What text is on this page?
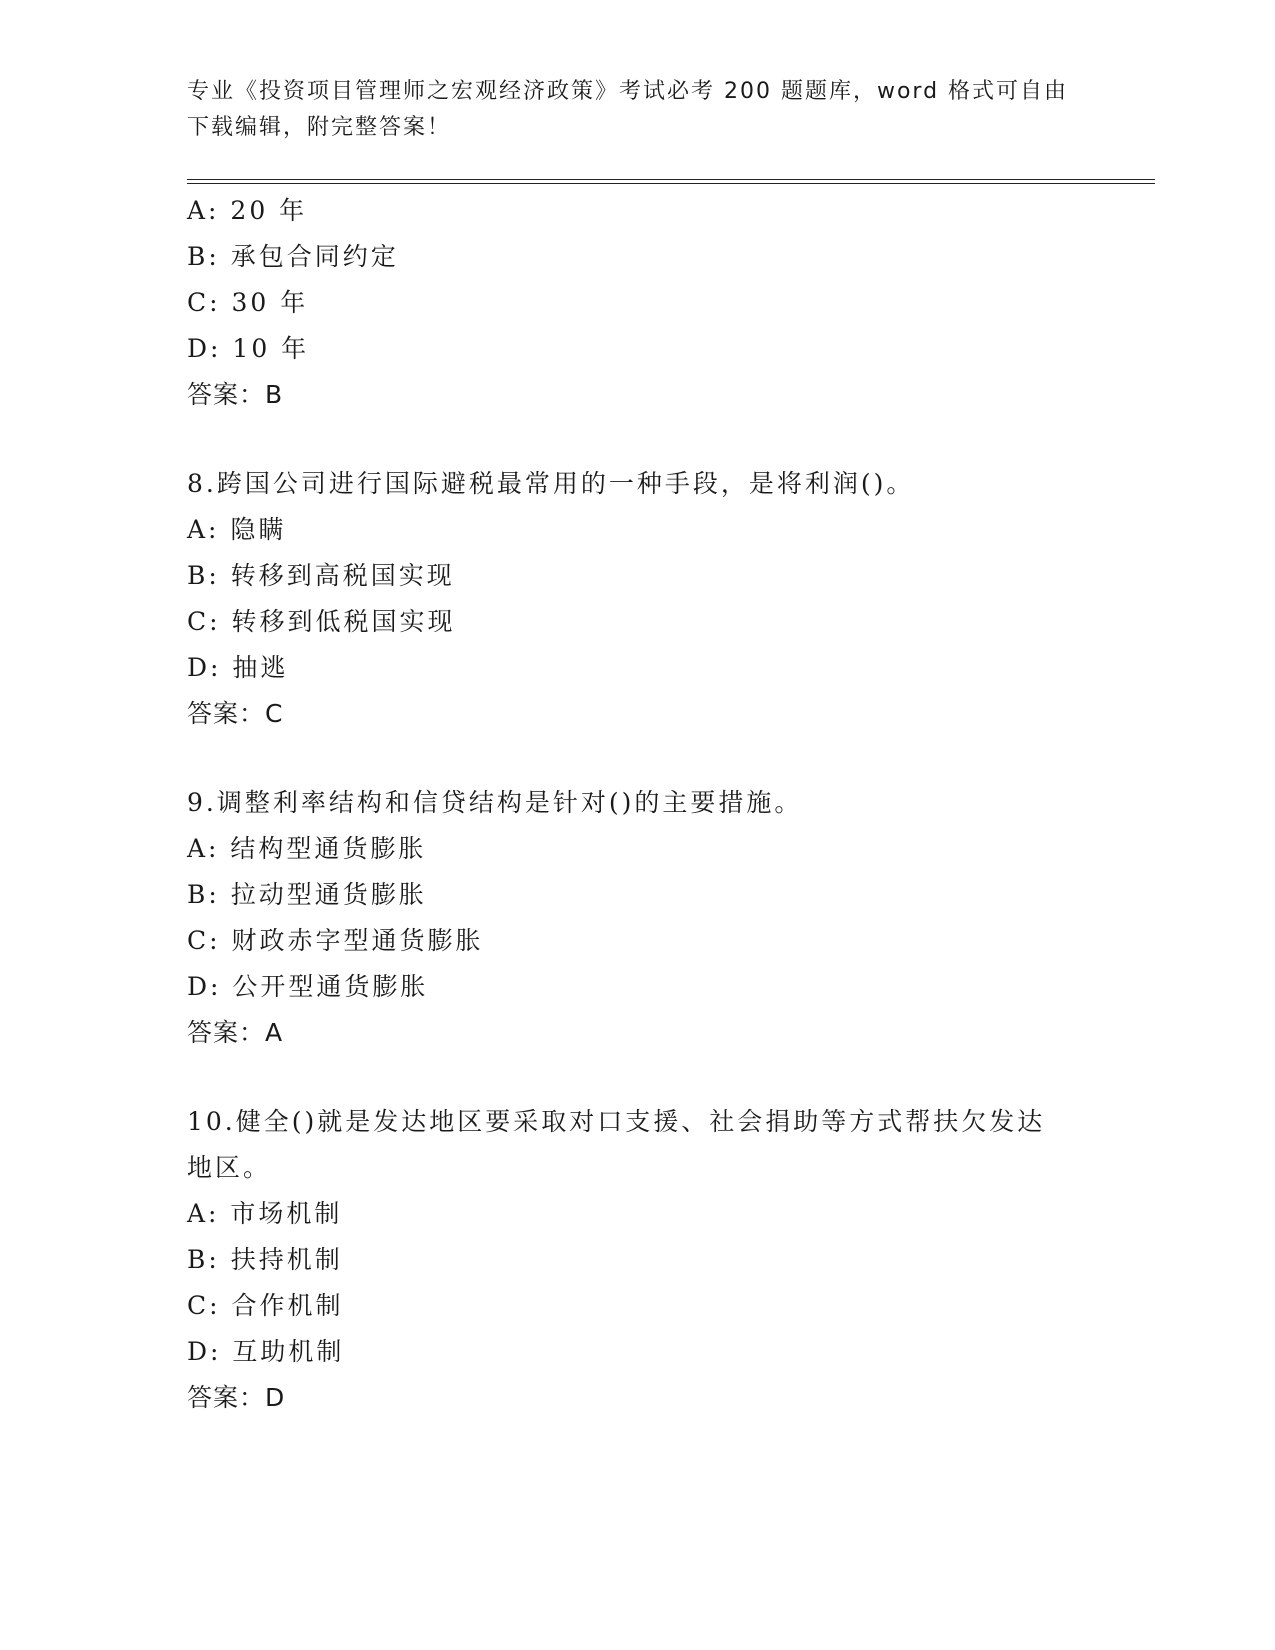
专业《投资项目管理师之宏观经济政策》考试必考 200 题题库，word 格式可自由
下载编辑，附完整答案！
A: 20 年
B: 承包合同约定
C: 30 年
D: 10 年
答案：B
8.跨国公司进行国际避税最常用的一种手段，是将利润()。
A: 隐瞒
B: 转移到高税国实现
C: 转移到低税国实现
D: 抽逃
答案：C
9.调整利率结构和信贷结构是针对()的主要措施。
A: 结构型通货膨胀
B: 拉动型通货膨胀
C: 财政赤字型通货膨胀
D: 公开型通货膨胀
答案：A
10.健全()就是发达地区要采取对口支援、社会捐助等方式帮扶欠发达
地区。
A: 市场机制
B: 扶持机制
C: 合作机制
D: 互助机制
答案：D
